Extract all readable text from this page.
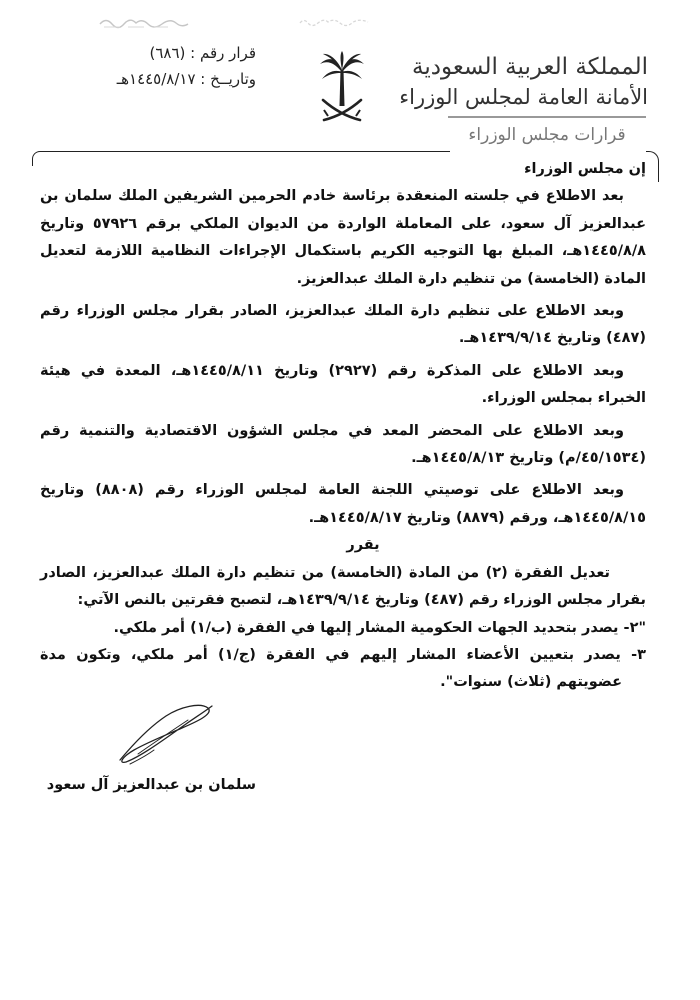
قرار رقم : (٦٨٦)
وتاريــخ : ١٤٤٥/٨/١٧هـ	المملكة العربية السعودية
الأمانة العامة لمجلس الوزراء
قرارات مجلس الوزراء

إن مجلس الوزراء

بعد الاطلاع في جلسته المنعقدة برئاسة خادم الحرمين الشريفين الملك سلمان بن عبدالعزيز آل سعود، على المعاملة الواردة من الديوان الملكي برقم ٥٧٩٢٦ وتاريخ ١٤٤٥/٨/٨هـ، المبلغ بها التوجيه الكريم باستكمال الإجراءات النظامية اللازمة لتعديل المادة (الخامسة) من تنظيم دارة الملك عبدالعزيز.

وبعد الاطلاع على تنظيم دارة الملك عبدالعزيز، الصادر بقرار مجلس الوزراء رقم (٤٨٧) وتاريخ ١٤٣٩/٩/١٤هـ.

وبعد الاطلاع على المذكرة رقم (٢٩٢٧) وتاريخ ١٤٤٥/٨/١١هـ، المعدة في هيئة الخبراء بمجلس الوزراء.

وبعد الاطلاع على المحضر المعد في مجلس الشؤون الاقتصادية والتنمية رقم (٤٥/١٥٣٤/م) وتاريخ ١٤٤٥/٨/١٣هـ.

وبعد الاطلاع على توصيتي اللجنة العامة لمجلس الوزراء رقم (٨٨٠٨) وتاريخ ١٤٤٥/٨/١٥هـ، ورقم (٨٨٧٩) وتاريخ ١٤٤٥/٨/١٧هـ.

يقرر

تعديل الفقرة (٢) من المادة (الخامسة) من تنظيم دارة الملك عبدالعزيز، الصادر بقرار مجلس الوزراء رقم (٤٨٧) وتاريخ ١٤٣٩/٩/١٤هـ، لتصبح فقرتين بالنص الآتي:

"٢- يصدر بتحديد الجهات الحكومية المشار إليها في الفقرة (ب/١) أمر ملكي.

٣- يصدر بتعيين الأعضاء المشار إليهم في الفقرة (ج/١) أمر ملكي، وتكون مدة عضويتهم (ثلاث) سنوات".

سلمان بن عبدالعزيز آل سعود
